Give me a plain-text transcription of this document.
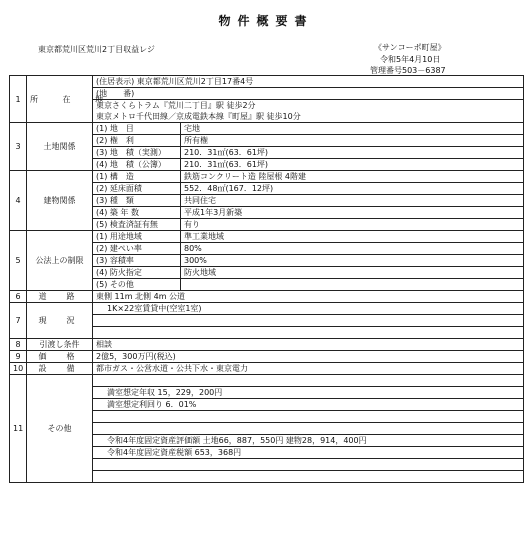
物件概要書
東京都荒川区荒川2丁目収益レジ	《サンコーポ町屋》
令和5年4月10日
管理番号503－6387
1	所 在 地	(住居表示) 東京都荒川区荒川2丁目17番4号	
		(地　　番)	
		東京さくらトラム『荒川二丁目』駅 徒歩2分	
		東京メトロ千代田線／京成電鉄本線『町屋』駅 徒歩10分	
3	土地関係	(1) 地　目	宅地
		(2) 権　利	所有権
		(3) 地　積（実測）	210．31㎡(63．61坪)
		(4) 地　積（公簿）	210．31㎡(63．61坪)
4	建物関係	(1) 構　造	鉄筋コンクリート造 陸屋根 4階建
		(2) 延床面積	552．48㎡(167．12坪)
		(3) 種　類	共同住宅
		(4) 築 年 数	平成1年3月新築
		(5) 検査済証有無	有り
5	公法上の制限	(1) 用途地域	準工業地域
		(2) 建ぺい率	80%
		(3) 容積率	300%
		(4) 防火指定	防火地域
		(5) その他	
6	道　路	東側 11m 北側 4m 公道	
7	現　況	1K×22室賃貸中(空室1室)	

8	引渡し条件	相談	
9	価　格	2億5，300万円(税込)	
10	設　備	都市ガス・公営水道・公共下水・東京電力	
11	その他		
		満室想定年収 15，229，200円	
		満室想定利回り 6．01%	

		令和4年度固定資産評価額 土地66，887，550円 建物28，914，400円	
		令和4年度固定資産税額 653，368円	
